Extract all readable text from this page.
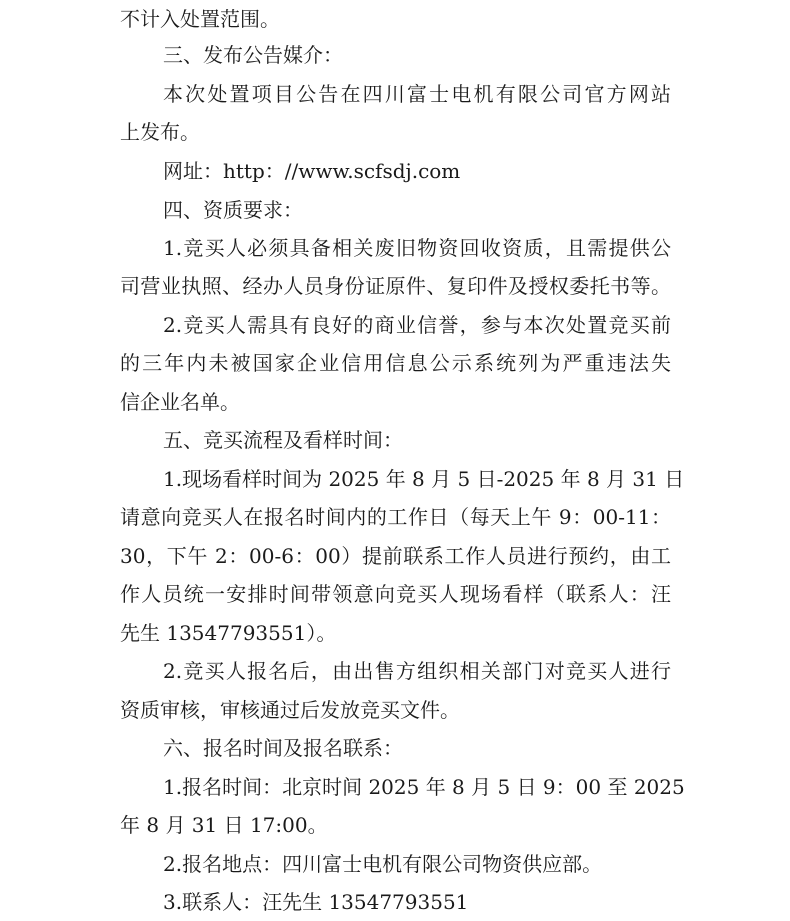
不计入处置范围。
三、发布公告媒介：
本次处置项目公告在四川富士电机有限公司官方网站
上发布。
网址：http：//www.scfsdj.com
四、资质要求：
1.竞买人必须具备相关废旧物资回收资质，且需提供公
司营业执照、经办人员身份证原件、复印件及授权委托书等。
2.竞买人需具有良好的商业信誉，参与本次处置竞买前
的三年内未被国家企业信用信息公示系统列为严重违法失
信企业名单。
五、竞买流程及看样时间：
1.现场看样时间为 2025 年 8 月 5 日-2025 年 8 月 31 日
请意向竞买人在报名时间内的工作日（每天上午 9：00-11：
30，下午 2：00-6：00）提前联系工作人员进行预约，由工
作人员统一安排时间带领意向竞买人现场看样（联系人：汪
先生 13547793551）。
2.竞买人报名后，由出售方组织相关部门对竞买人进行
资质审核，审核通过后发放竞买文件。
六、报名时间及报名联系：
1.报名时间：北京时间 2025 年 8 月 5 日 9：00 至 2025
年 8 月 31 日 17:00。
2.报名地点：四川富士电机有限公司物资供应部。
3.联系人：汪先生 13547793551
